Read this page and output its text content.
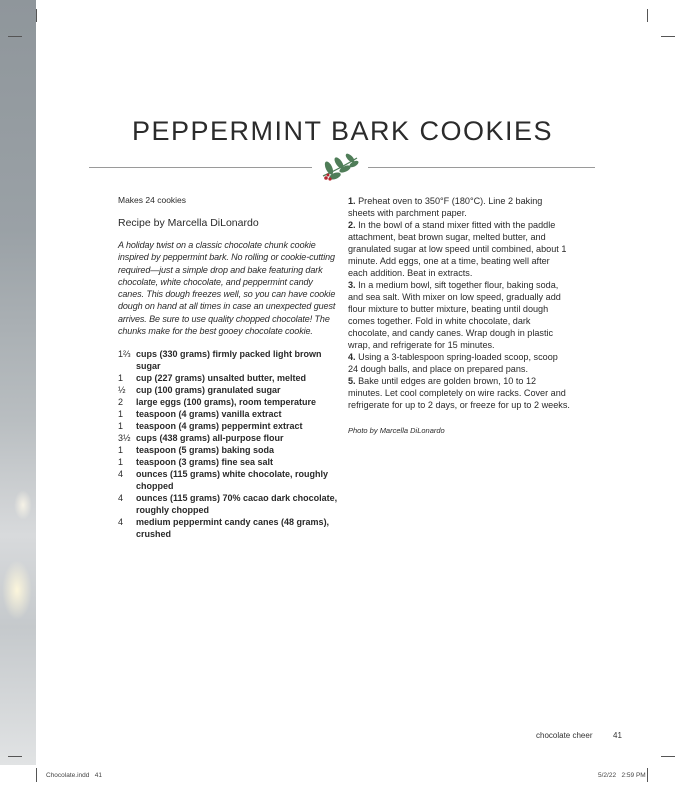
PEPPERMINT BARK COOKIES

Makes 24 cookies

Recipe by Marcella DiLonardo

A holiday twist on a classic chocolate chunk cookie inspired by peppermint bark. No rolling or cookie-cutting required—just a simple drop and bake featuring dark chocolate, white chocolate, and peppermint candy canes. This dough freezes well, so you can have cookie dough on hand at all times in case an unexpected guest arrives. Be sure to use quality chopped chocolate! The chunks make for the best gooey chocolate cookie.

1⅔ cups (330 grams) firmly packed light brown sugar
1	cup (227 grams) unsalted butter, melted
½	cup (100 grams) granulated sugar
2	large eggs (100 grams), room temperature
1	teaspoon (4 grams) vanilla extract
1	teaspoon (4 grams) peppermint extract
3½ cups (438 grams) all-purpose flour
1	teaspoon (5 grams) baking soda
1	teaspoon (3 grams) fine sea salt
4	ounces (115 grams) white chocolate, roughly chopped
4	ounces (115 grams) 70% cacao dark chocolate, roughly chopped
4	medium peppermint candy canes (48 grams), crushed

1. Preheat oven to 350°F (180°C). Line 2 baking sheets with parchment paper.
2. In the bowl of a stand mixer fitted with the paddle attachment, beat brown sugar, melted butter, and granulated sugar at low speed until combined, about 1 minute. Add eggs, one at a time, beating well after each addition. Beat in extracts.
3. In a medium bowl, sift together flour, baking soda, and sea salt. With mixer on low speed, gradually add flour mixture to butter mixture, beating until dough comes together. Fold in white chocolate, dark chocolate, and candy canes. Wrap dough in plastic wrap, and refrigerate for 15 minutes.
4. Using a 3-tablespoon spring-loaded scoop, scoop 24 dough balls, and place on prepared pans.
5. Bake until edges are golden brown, 10 to 12 minutes. Let cool completely on wire racks. Cover and refrigerate for up to 2 days, or freeze for up to 2 weeks.

Photo by Marcella DiLonardo

chocolate cheer	41
Chocolate.indd   41	5/2/22   2:59 PM
